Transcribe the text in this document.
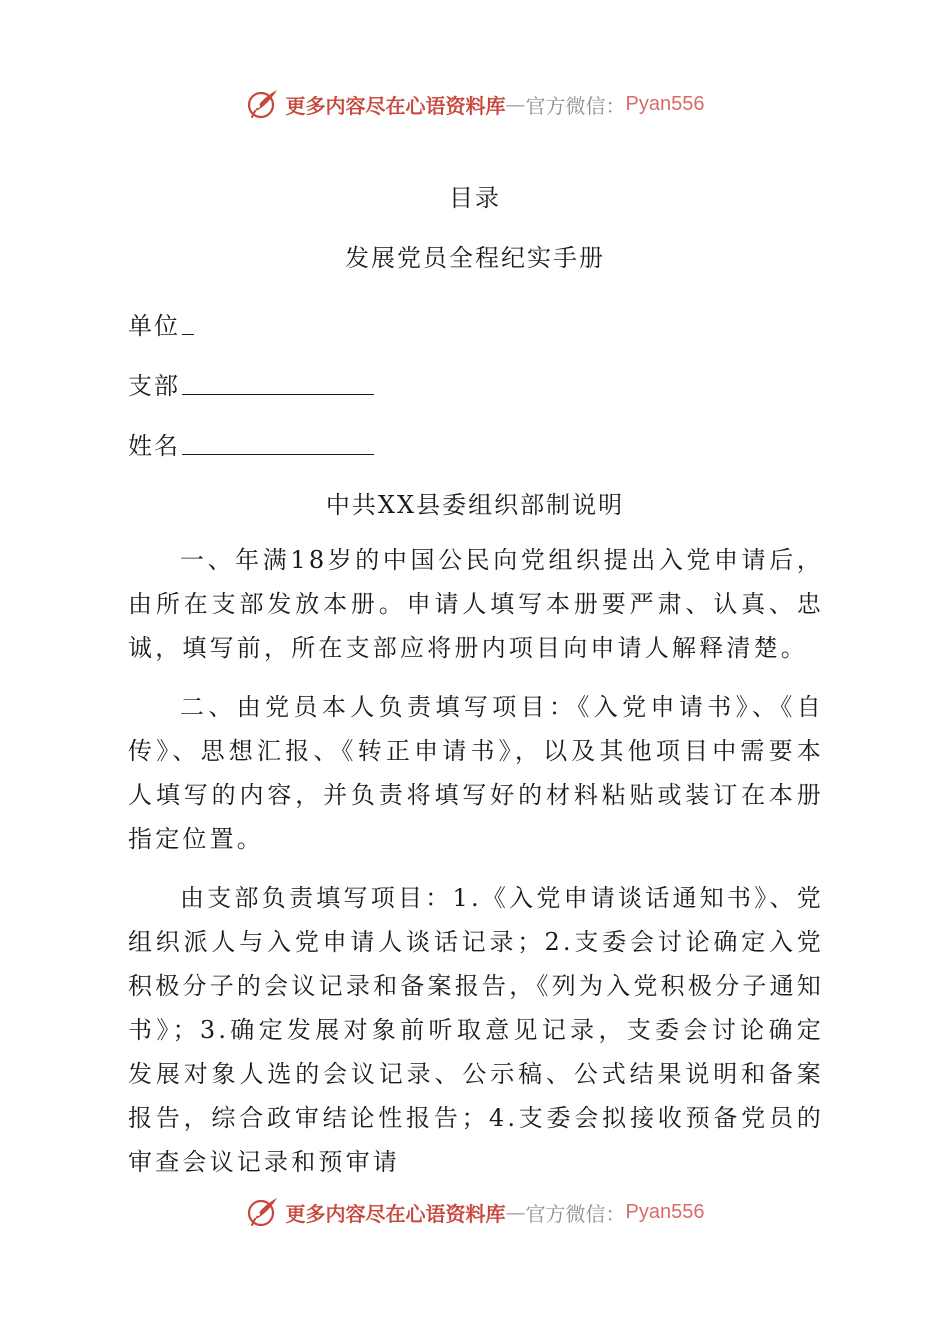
更多内容尽在心语资料库 — 官方微信： Pyan556
目录
发展党员全程纪实手册
单位
支部
姓名
中共XX县委组织部制说明

一、年满18岁的中国公民向党组织提出入党申请后，由所在支部发放本册。申请人填写本册要严肃、认真、忠诚，填写前，所在支部应将册内项目向申请人解释清楚。

二、由党员本人负责填写项目：《入党申请书》、《自传》、思想汇报、《转正申请书》，以及其他项目中需要本人填写的内容，并负责将填写好的材料粘贴或装订在本册指定位置。

由支部负责填写项目：1.《入党申请谈话通知书》、党组织派人与入党申请人谈话记录；2.支委会讨论确定入党积极分子的会议记录和备案报告，《列为入党积极分子通知书》；3.确定发展对象前听取意见记录，支委会讨论确定发展对象人选的会议记录、公示稿、公式结果说明和备案报告，综合政审结论性报告；4.支委会拟接收预备党员的审查会议记录和预审请

更多内容尽在心语资料库 — 官方微信： Pyan556
